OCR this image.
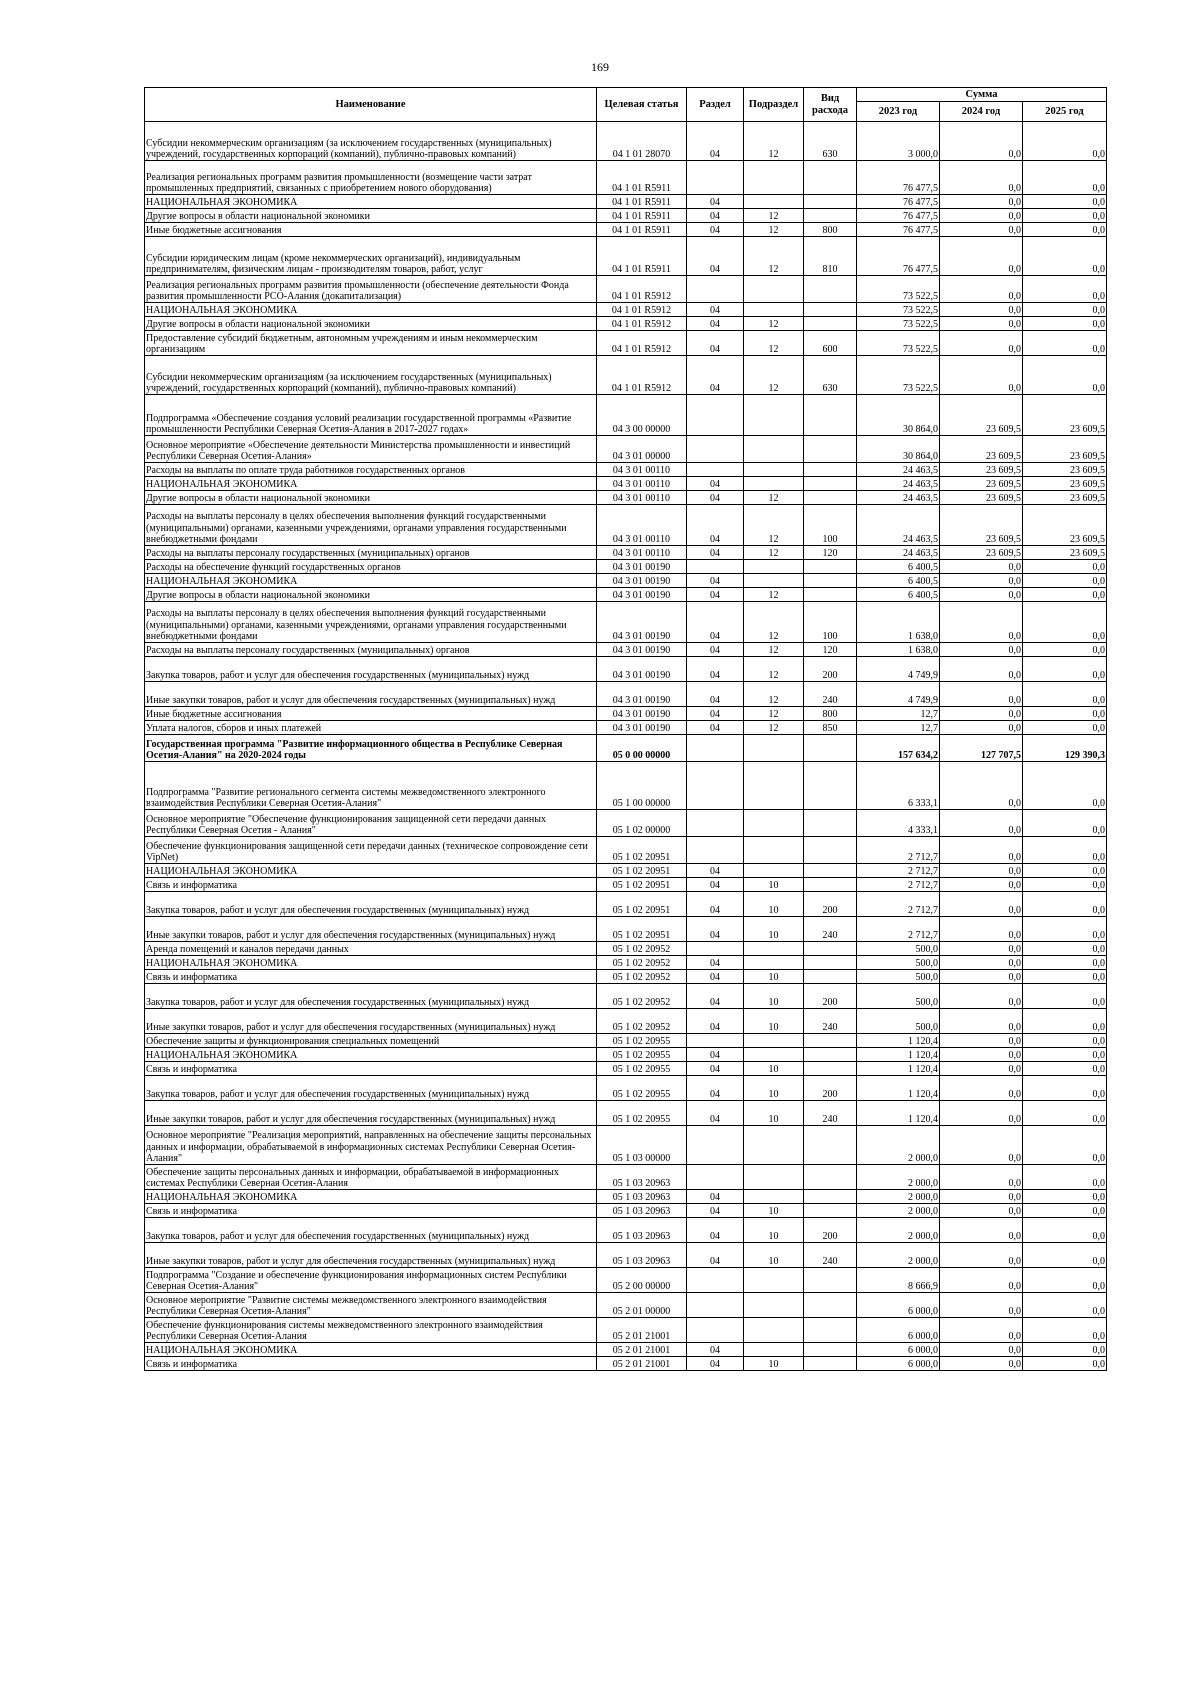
169
Наименование	Целевая статья	Раздел	Подраздел	Вид расхода	Сумма		
					2023 год	2024 год	2025 год
Субсидии некоммерческим организациям (за исключением государственных (муниципальных) учреждений, государственных корпораций (компаний), публично-правовых компаний)	04 1 01 28070	04	12	630	3 000,0	0,0	0,0
Реализация региональных программ развития промышленности (возмещение части затрат промышленных предприятий, связанных с приобретением нового оборудования)	04 1 01 R5911				76 477,5	0,0	0,0
НАЦИОНАЛЬНАЯ ЭКОНОМИКА	04 1 01 R5911	04			76 477,5	0,0	0,0
Другие вопросы в области национальной экономики	04 1 01 R5911	04	12		76 477,5	0,0	0,0
Иные бюджетные ассигнования	04 1 01 R5911	04	12	800	76 477,5	0,0	0,0
Субсидии юридическим лицам (кроме некоммерческих организаций), индивидуальным предпринимателям, физическим лицам - производителям товаров, работ, услуг	04 1 01 R5911	04	12	810	76 477,5	0,0	0,0
Реализация региональных программ развития промышленности (обеспечение деятельности Фонда развития промышленности РСО-Алания (докапитализация)	04 1 01 R5912				73 522,5	0,0	0,0
НАЦИОНАЛЬНАЯ ЭКОНОМИКА	04 1 01 R5912	04			73 522,5	0,0	0,0
Другие вопросы в области национальной экономики	04 1 01 R5912	04	12		73 522,5	0,0	0,0
Предоставление субсидий бюджетным, автономным учреждениям и иным некоммерческим организациям	04 1 01 R5912	04	12	600	73 522,5	0,0	0,0
Субсидии некоммерческим организациям (за исключением государственных (муниципальных) учреждений, государственных корпораций (компаний), публично-правовых компаний)	04 1 01 R5912	04	12	630	73 522,5	0,0	0,0
Подпрограмма «Обеспечение создания условий реализации государственной программы «Развитие промышленности Республики Северная Осетия-Алания в 2017-2027 годах»	04 3 00 00000				30 864,0	23 609,5	23 609,5
Основное мероприятие «Обеспечение деятельности Министерства промышленности и инвестиций Республики Северная Осетия-Алания»	04 3 01 00000				30 864,0	23 609,5	23 609,5
Расходы на выплаты по оплате труда работников государственных органов	04 3 01 00110				24 463,5	23 609,5	23 609,5
НАЦИОНАЛЬНАЯ ЭКОНОМИКА	04 3 01 00110	04			24 463,5	23 609,5	23 609,5
Другие вопросы в области национальной экономики	04 3 01 00110	04	12		24 463,5	23 609,5	23 609,5
Расходы на выплаты персоналу в целях обеспечения выполнения функций государственными (муниципальными) органами, казенными учреждениями, органами управления государственными внебюджетными фондами	04 3 01 00110	04	12	100	24 463,5	23 609,5	23 609,5
Расходы на выплаты персоналу государственных (муниципальных) органов	04 3 01 00110	04	12	120	24 463,5	23 609,5	23 609,5
Расходы на обеспечение функций государственных органов	04 3 01 00190				6 400,5	0,0	0,0
НАЦИОНАЛЬНАЯ ЭКОНОМИКА	04 3 01 00190	04			6 400,5	0,0	0,0
Другие вопросы в области национальной экономики	04 3 01 00190	04	12		6 400,5	0,0	0,0
Расходы на выплаты персоналу в целях обеспечения выполнения функций государственными (муниципальными) органами, казенными учреждениями, органами управления государственными внебюджетными фондами	04 3 01 00190	04	12	100	1 638,0	0,0	0,0
Расходы на выплаты персоналу государственных (муниципальных) органов	04 3 01 00190	04	12	120	1 638,0	0,0	0,0
Закупка товаров, работ и услуг для обеспечения государственных (муниципальных) нужд	04 3 01 00190	04	12	200	4 749,9	0,0	0,0
Иные закупки товаров, работ и услуг для обеспечения государственных (муниципальных) нужд	04 3 01 00190	04	12	240	4 749,9	0,0	0,0
Иные бюджетные ассигнования	04 3 01 00190	04	12	800	12,7	0,0	0,0
Уплата налогов, сборов и иных платежей	04 3 01 00190	04	12	850	12,7	0,0	0,0
Государственная программа "Развитие информационного общества в Республике Северная Осетия-Алания" на 2020-2024 годы	05 0 00 00000				157 634,2	127 707,5	129 390,3
Подпрограмма "Развитие регионального сегмента системы межведомственного электронного взаимодействия Республики Северная Осетия-Алания"	05 1 00 00000				6 333,1	0,0	0,0
Основное мероприятие "Обеспечение функционирования защищенной сети передачи данных Республики Северная Осетия - Алания"	05 1 02 00000				4 333,1	0,0	0,0
Обеспечение функционирования защищенной сети передачи данных (техническое сопровождение сети VipNet)	05 1 02 20951				2 712,7	0,0	0,0
НАЦИОНАЛЬНАЯ ЭКОНОМИКА	05 1 02 20951	04			2 712,7	0,0	0,0
Связь и информатика	05 1 02 20951	04	10		2 712,7	0,0	0,0
Закупка товаров, работ и услуг для обеспечения государственных (муниципальных) нужд	05 1 02 20951	04	10	200	2 712,7	0,0	0,0
Иные закупки товаров, работ и услуг для обеспечения государственных (муниципальных) нужд	05 1 02 20951	04	10	240	2 712,7	0,0	0,0
Аренда помещений и каналов передачи данных	05 1 02 20952				500,0	0,0	0,0
НАЦИОНАЛЬНАЯ ЭКОНОМИКА	05 1 02 20952	04			500,0	0,0	0,0
Связь и информатика	05 1 02 20952	04	10		500,0	0,0	0,0
Закупка товаров, работ и услуг для обеспечения государственных (муниципальных) нужд	05 1 02 20952	04	10	200	500,0	0,0	0,0
Иные закупки товаров, работ и услуг для обеспечения государственных (муниципальных) нужд	05 1 02 20952	04	10	240	500,0	0,0	0,0
Обеспечение защиты и функционирования специальных помещений	05 1 02 20955				1 120,4	0,0	0,0
НАЦИОНАЛЬНАЯ ЭКОНОМИКА	05 1 02 20955	04			1 120,4	0,0	0,0
Связь и информатика	05 1 02 20955	04	10		1 120,4	0,0	0,0
Закупка товаров, работ и услуг для обеспечения государственных (муниципальных) нужд	05 1 02 20955	04	10	200	1 120,4	0,0	0,0
Иные закупки товаров, работ и услуг для обеспечения государственных (муниципальных) нужд	05 1 02 20955	04	10	240	1 120,4	0,0	0,0
Основное мероприятие "Реализация мероприятий, направленных на обеспечение защиты персональных данных и информации, обрабатываемой в информационных системах Республики Северная Осетия-Алания"	05 1 03 00000				2 000,0	0,0	0,0
Обеспечение защиты персональных данных и информации, обрабатываемой в информационных системах Республики Северная Осетия-Алания	05 1 03 20963				2 000,0	0,0	0,0
НАЦИОНАЛЬНАЯ ЭКОНОМИКА	05 1 03 20963	04			2 000,0	0,0	0,0
Связь и информатика	05 1 03 20963	04	10		2 000,0	0,0	0,0
Закупка товаров, работ и услуг для обеспечения государственных (муниципальных) нужд	05 1 03 20963	04	10	200	2 000,0	0,0	0,0
Иные закупки товаров, работ и услуг для обеспечения государственных (муниципальных) нужд	05 1 03 20963	04	10	240	2 000,0	0,0	0,0
Подпрограмма "Создание и обеспечение функционирования информационных систем Республики Северная Осетия-Алания"	05 2 00 00000				8 666,9	0,0	0,0
Основное мероприятие "Развитие системы межведомственного электронного взаимодействия Республики Северная Осетия-Алания"	05 2 01 00000				6 000,0	0,0	0,0
Обеспечение функционирования системы межведомственного электронного взаимодействия Республики Северная Осетия-Алания	05 2 01 21001				6 000,0	0,0	0,0
НАЦИОНАЛЬНАЯ ЭКОНОМИКА	05 2 01 21001	04			6 000,0	0,0	0,0
Связь и информатика	05 2 01 21001	04	10		6 000,0	0,0	0,0
